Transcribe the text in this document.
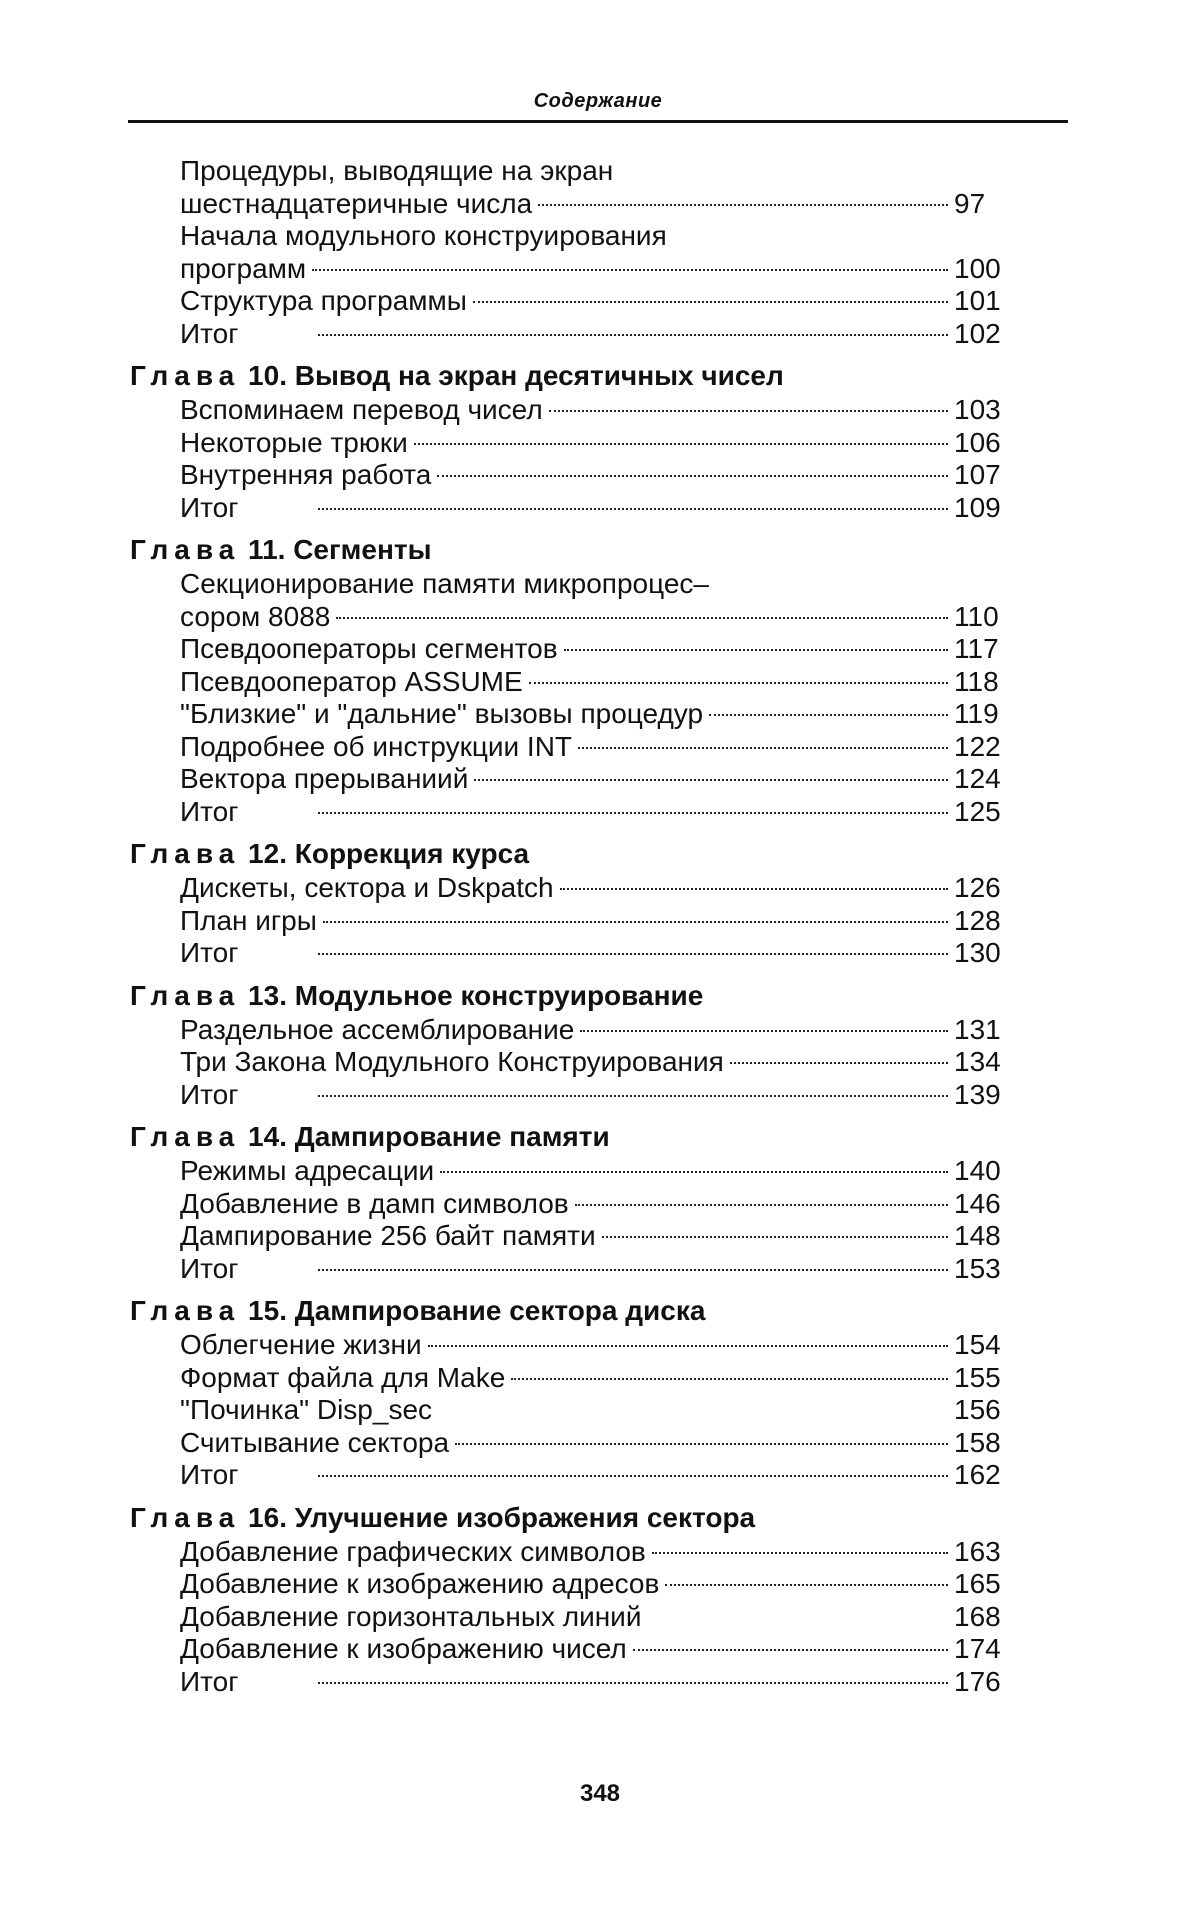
Содержание
Процедуры, выводящие на экран
шестнадцатеричные числа	97
Начала модульного конструирования
программ	100
Структура программы	101
Итог	102
Глава 10. Вывод на экран десятичных чисел
Вспоминаем перевод чисел	103
Некоторые трюки	106
Внутренняя работа	107
Итог	109
Глава 11. Сегменты
Секционирование памяти микропроцес–
сором 8088	110
Псевдооператоры сегментов	117
Псевдооператор ASSUME	118
"Близкие" и "дальние" вызовы процедур	119
Подробнее об инструкции INT	122
Вектора прерываниий	124
Итог	125
Глава 12. Коррекция курса
Дискеты, сектора и Dskpatch	126
План игры	128
Итог	130
Глава 13. Модульное конструирование
Раздельное ассемблирование	131
Три Закона Модульного Конструирования	134
Итог	139
Глава 14. Дампирование памяти
Режимы адресации	140
Добавление в дамп символов	146
Дампирование 256 байт памяти	148
Итог	153
Глава 15. Дампирование сектора диска
Облегчение жизни	154
Формат файла для Make	155
"Починка" Disp_sec	156
Считывание сектора	158
Итог	162
Глава 16. Улучшение изображения сектора
Добавление графических символов	163
Добавление к изображению адресов	165
Добавление горизонтальных линий	168
Добавление к изображению чисел	174
Итог	176
348
